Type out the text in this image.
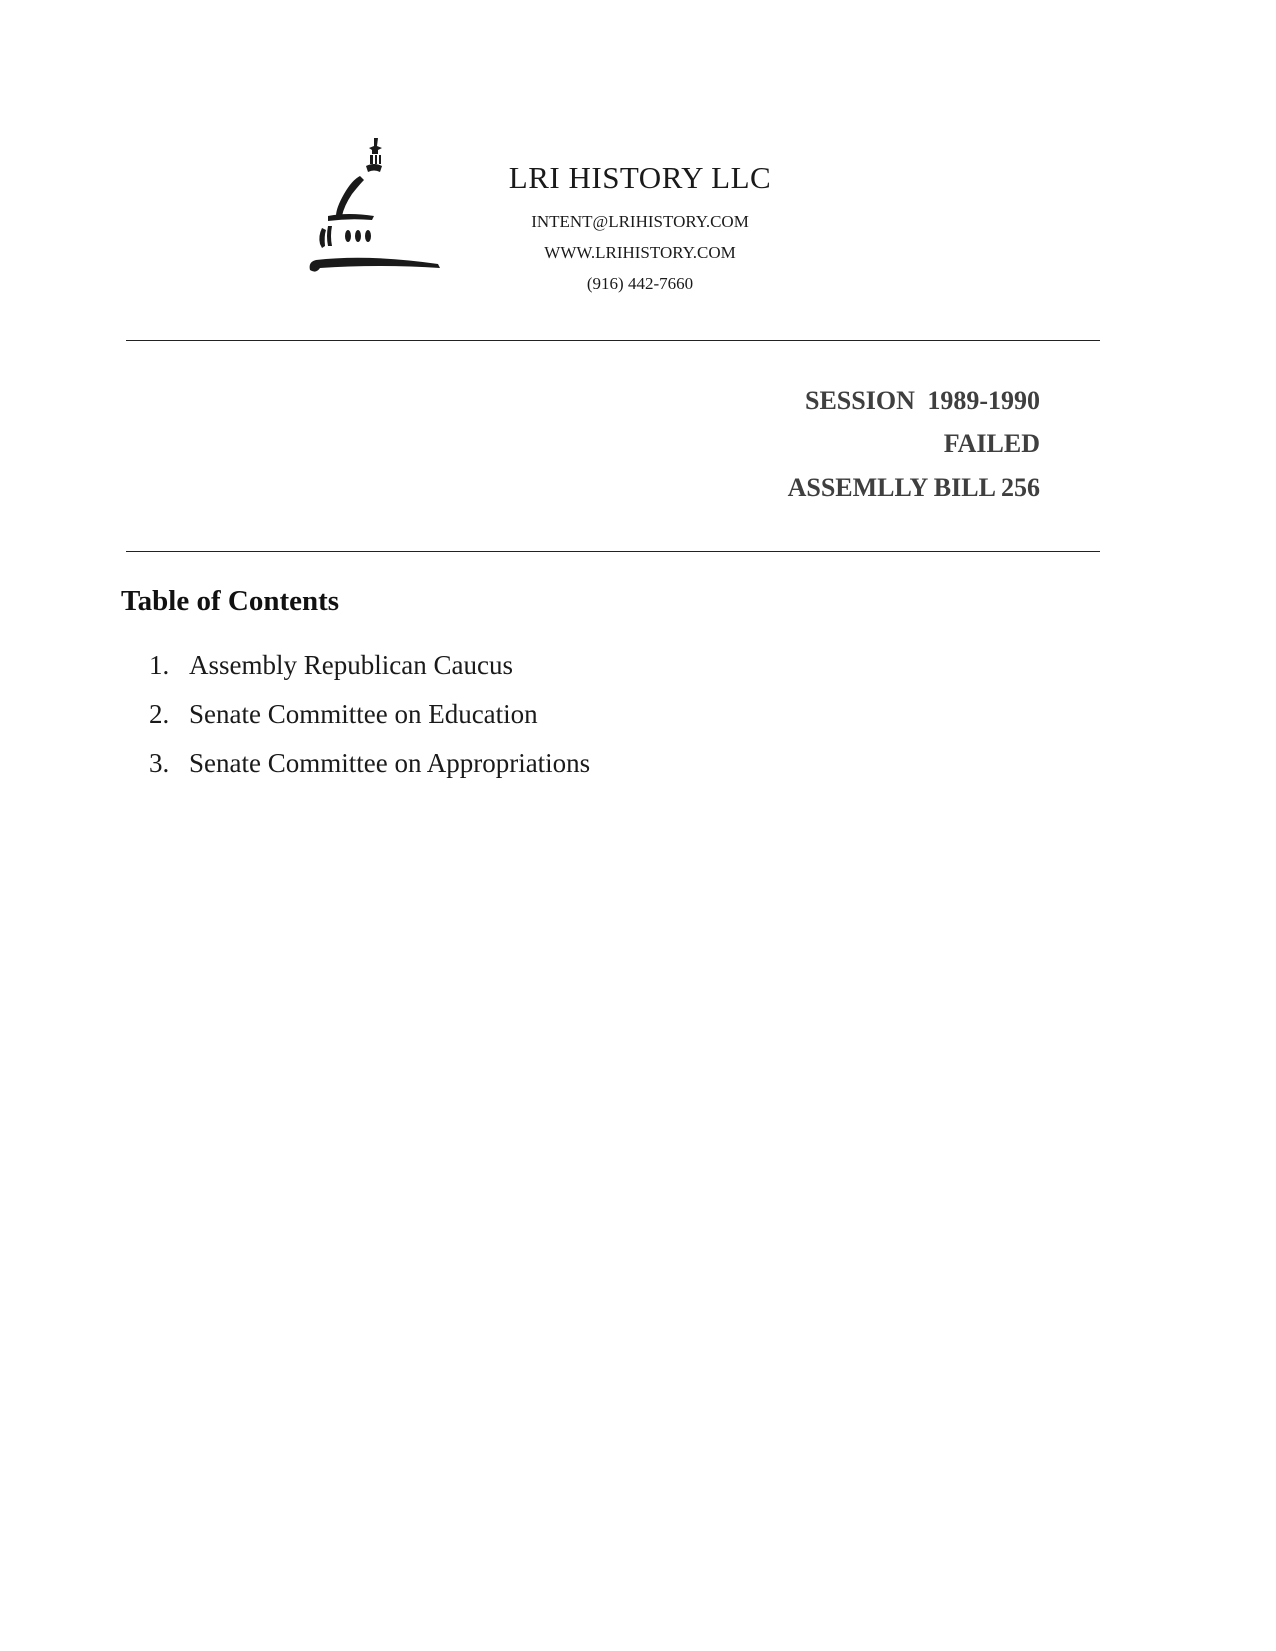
LRI HISTORY LLC
INTENT@LRIHISTORY.COM
WWW.LRIHISTORY.COM
(916) 442-7660
SESSION 1989-1990
FAILED
ASSEMLLY BILL 256
Table of Contents
1. Assembly Republican Caucus
2. Senate Committee on Education
3. Senate Committee on Appropriations
